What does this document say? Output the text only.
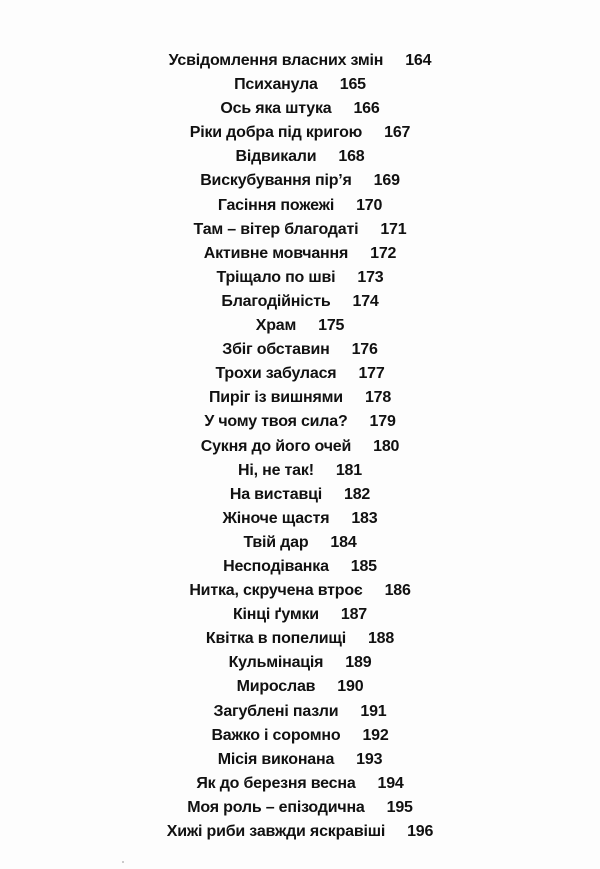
Усвідомлення власних змін 164
Психанула 165
Ось яка штука 166
Ріки добра під кригою 167
Відвикали 168
Вискубування пір’я 169
Гасіння пожежі 170
Там – вітер благодаті 171
Активне мовчання 172
Тріщало по шві 173
Благодійність 174
Храм 175
Збіг обставин 176
Трохи забулася 177
Пиріг із вишнями 178
У чому твоя сила? 179
Сукня до його очей 180
Ні, не так! 181
На виставці 182
Жіноче щастя 183
Твій дар 184
Несподіванка 185
Нитка, скручена втроє 186
Кінці ґумки 187
Квітка в попелищі 188
Кульмінація 189
Мирослав 190
Загублені пазли 191
Важко і соромно 192
Місія виконана 193
Як до березня весна 194
Моя роль – епізодична 195
Хижі риби завжди яскравіші 196
